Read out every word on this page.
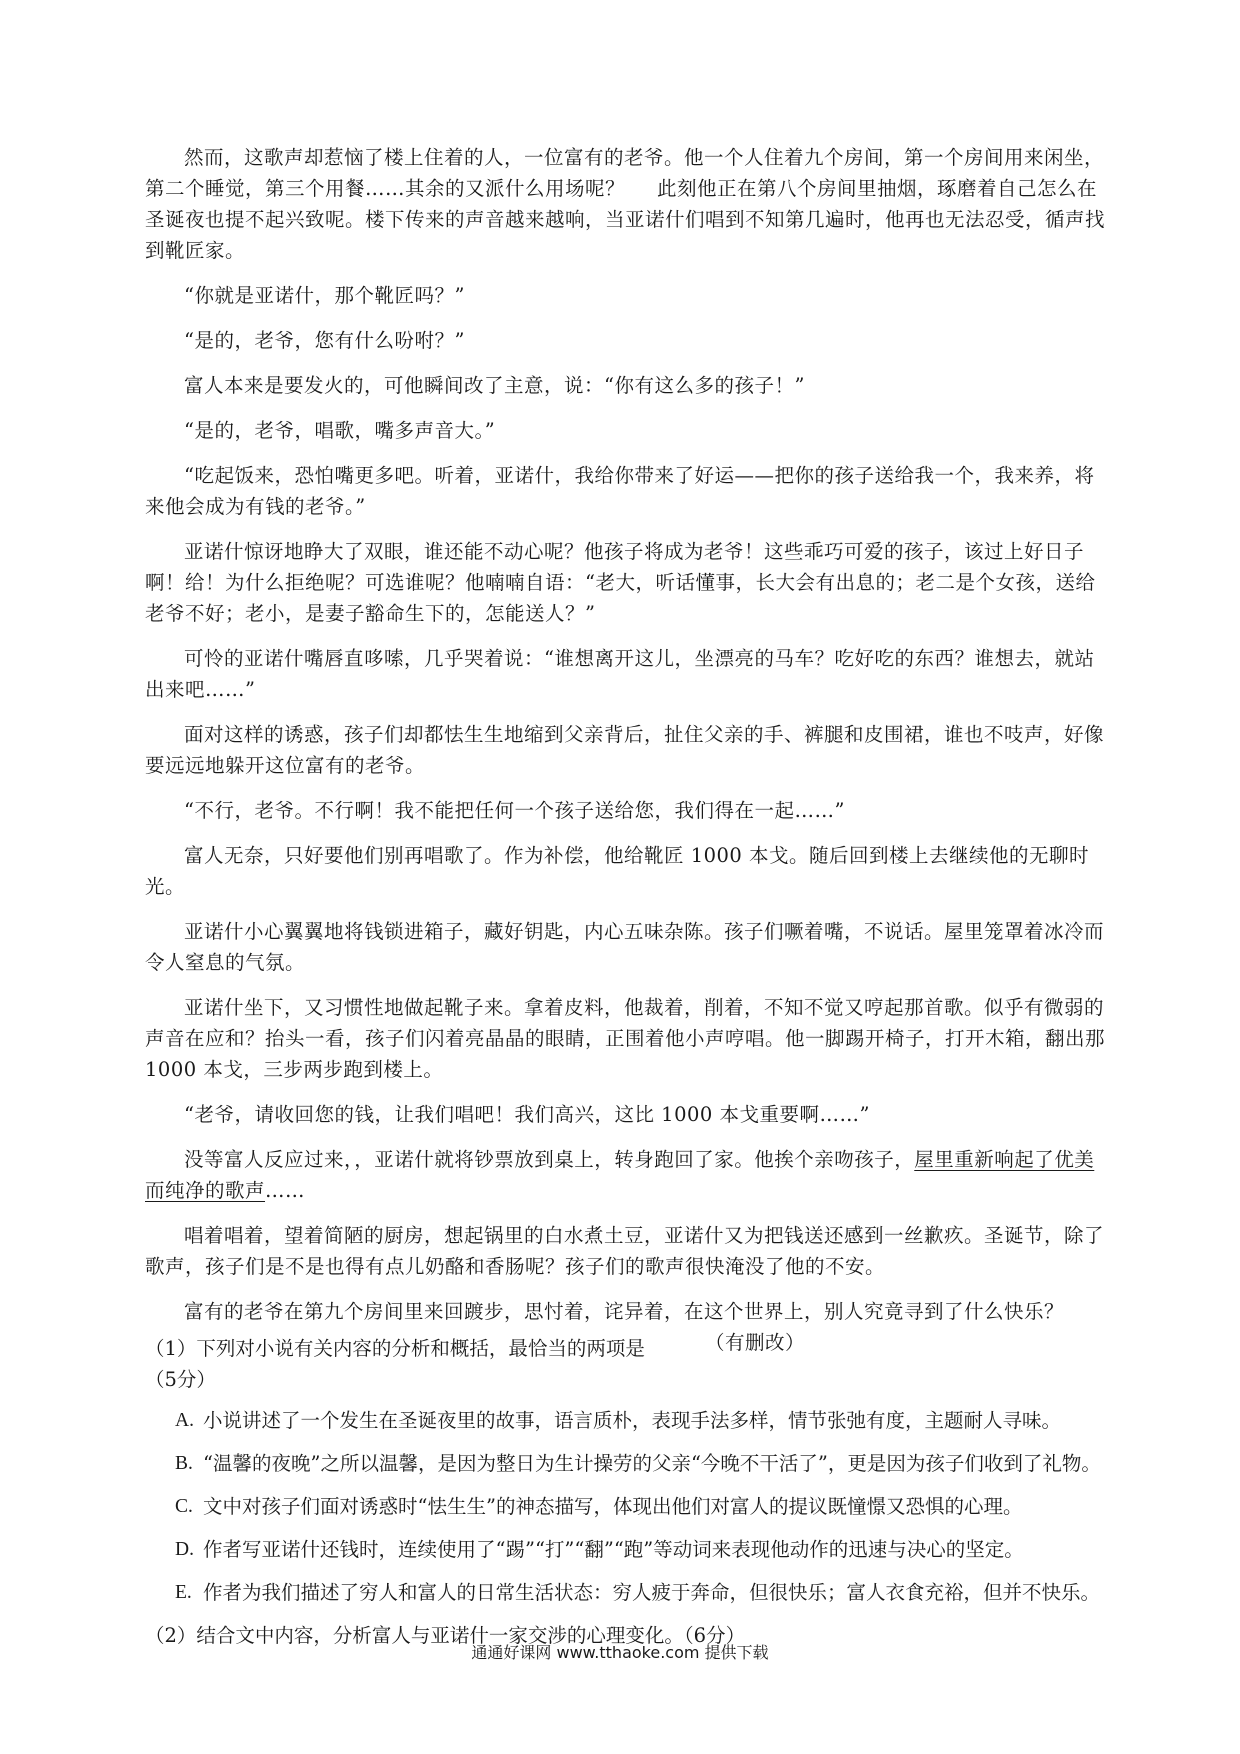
然而，这歌声却惹恼了楼上住着的人，一位富有的老爷。他一个人住着九个房间，第一个房间用来闲坐，第二个睡觉，第三个用餐……其余的又派什么用场呢？ 此刻他正在第八个房间里抽烟，琢磨着自己怎么在圣诞夜也提不起兴致呢。楼下传来的声音越来越响，当亚诺什们唱到不知第几遍时，他再也无法忍受，循声找到靴匠家。

“你就是亚诺什，那个靴匠吗？”

“是的，老爷，您有什么吩咐？”

富人本来是要发火的，可他瞬间改了主意，说：“你有这么多的孩子！”

“是的，老爷，唱歌，嘴多声音大。”

“吃起饭来，恐怕嘴更多吧。听着，亚诺什，我给你带来了好运——把你的孩子送给我一个，我来养，将来他会成为有钱的老爷。”

亚诺什惊讶地睁大了双眼，谁还能不动心呢？他孩子将成为老爷！这些乖巧可爱的孩子，该过上好日子啊！给！为什么拒绝呢？可选谁呢？他喃喃自语：“老大，听话懂事，长大会有出息的；老二是个女孩，送给老爷不好；老小，是妻子豁命生下的，怎能送人？”

可怜的亚诺什嘴唇直哆嗦，几乎哭着说：“谁想离开这儿，坐漂亮的马车？吃好吃的东西？谁想去，就站出来吧……”

面对这样的诱惑，孩子们却都怯生生地缩到父亲背后，扯住父亲的手、裤腿和皮围裙，谁也不吱声，好像要远远地躲开这位富有的老爷。

“不行，老爷。不行啊！我不能把任何一个孩子送给您，我们得在一起……”

富人无奈，只好要他们别再唱歌了。作为补偿，他给靴匠 1000 本戈。随后回到楼上去继续他的无聊时光。

亚诺什小心翼翼地将钱锁进箱子，藏好钥匙，内心五味杂陈。孩子们噘着嘴，不说话。屋里笼罩着冰冷而令人窒息的气氛。

亚诺什坐下，又习惯性地做起靴子来。拿着皮料，他裁着，削着，不知不觉又哼起那首歌。似乎有微弱的声音在应和？抬头一看，孩子们闪着亮晶晶的眼睛，正围着他小声哼唱。他一脚踢开椅子，打开木箱，翻出那 1000 本戈，三步两步跑到楼上。

“老爷，请收回您的钱，让我们唱吧！我们高兴，这比 1000 本戈重要啊……”

没等富人反应过来，，亚诺什就将钞票放到桌上，转身跑回了家。他挨个亲吻孩子，屋里重新响起了优美而纯净的歌声……

唱着唱着，望着简陋的厨房，想起锅里的白水煮土豆，亚诺什又为把钱送还感到一丝歉疚。圣诞节，除了歌声，孩子们是不是也得有点儿奶酪和香肠呢？孩子们的歌声很快淹没了他的不安。

富有的老爷在第九个房间里来回踱步，思忖着，诧异着，在这个世界上，别人究竟寻到了什么快乐？
（有删改）

（1）下列对小说有关内容的分析和概括，最恰当的两项是（5分）

A. 小说讲述了一个发生在圣诞夜里的故事，语言质朴，表现手法多样，情节张弛有度，主题耐人寻味。
B. “温馨的夜晚”之所以温馨，是因为整日为生计操劳的父亲“今晚不干活了”，更是因为孩子们收到了礼物。
C. 文中对孩子们面对诱惑时“怯生生”的神态描写，体现出他们对富人的提议既憧憬又恐惧的心理。
D. 作者写亚诺什还钱时，连续使用了“踢”“打”“翻”“跑”等动词来表现他动作的迅速与决心的坚定。
E. 作者为我们描述了穷人和富人的日常生活状态：穷人疲于奔命，但很快乐；富人衣食充裕，但并不快乐。

（2）结合文中内容，分析富人与亚诺什一家交涉的心理变化。（6分）

通通好课网 www.tthaoke.com 提供下载
